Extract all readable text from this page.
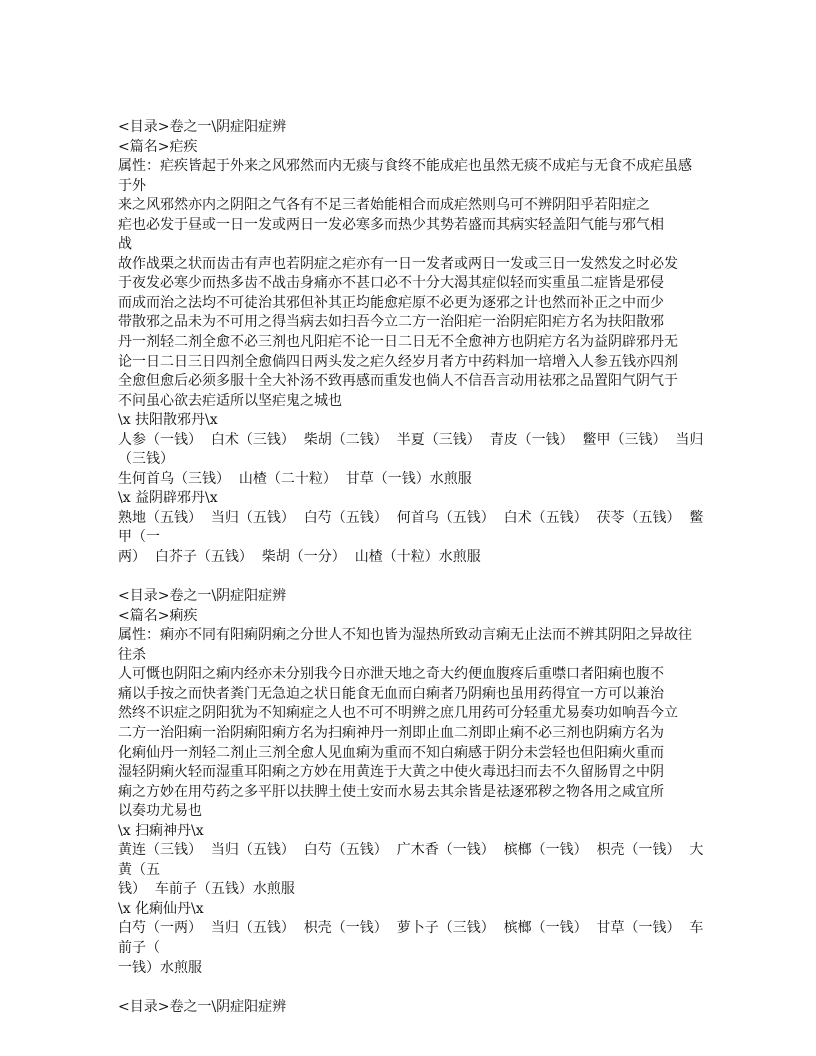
<目录>卷之一\阴症阳症辨
<篇名>疟疾
属性：疟疾皆起于外来之风邪然而内无痰与食终不能成疟也虽然无痰不成疟与无食不成疟虽感
于外
来之风邪然亦内之阴阳之气各有不足三者始能相合而成疟然则乌可不辨阴阳乎若阳症之
疟也必发于昼或一日一发或两日一发必寒多而热少其势若盛而其病实轻盖阳气能与邪气相
战
故作战栗之状而齿击有声也若阴症之疟亦有一日一发者或两日一发或三日一发然发之时必发
于夜发必寒少而热多齿不战击身痛亦不甚口必不十分大渴其症似轻而实重虽二症皆是邪侵
而成而治之法均不可徒治其邪但补其正均能愈疟原不必更为逐邪之计也然而补正之中而少
带散邪之品未为不可用之得当病去如扫吾今立二方一治阳疟一治阴疟阳疟方名为扶阳散邪
丹一剂轻二剂全愈不必三剂也凡阳疟不论一日二日无不全愈神方也阴疟方名为益阴辟邪丹无
论一日二日三日四剂全愈倘四日两头发之疟久经岁月者方中药料加一培增入人参五钱亦四剂
全愈但愈后必须多服十全大补汤不致再感而重发也倘人不信吾言动用祛邪之品置阳气阴气于
不问虽心欲去疟适所以坚疟鬼之城也
\x 扶阳散邪丹\x
人参（一钱）  白术（三钱）  柴胡（二钱）  半夏（三钱）  青皮（一钱）  鳖甲（三钱）  当归
（三钱）
生何首乌（三钱）  山楂（二十粒）  甘草（一钱）水煎服
\x 益阴辟邪丹\x
熟地（五钱）  当归（五钱）  白芍（五钱）  何首乌（五钱）  白术（五钱）  茯苓（五钱）  鳖
甲（一
两）  白芥子（五钱）  柴胡（一分）  山楂（十粒）水煎服
<目录>卷之一\阴症阳症辨
<篇名>痢疾
属性：痢亦不同有阳痢阴痢之分世人不知也皆为湿热所致动言痢无止法而不辨其阴阳之异故往
往杀
人可慨也阴阳之痢内经亦未分别我今日亦泄天地之奇大约便血腹疼后重噤口者阳痢也腹不
痛以手按之而快者粪门无急迫之状日能食无血而白痢者乃阴痢也虽用药得宜一方可以兼治
然终不识症之阴阳犹为不知痢症之人也不可不明辨之庶几用药可分轻重尤易奏功如响吾今立
二方一治阳痢一治阴痢阳痢方名为扫痢神丹一剂即止血二剂即止痢不必三剂也阴痢方名为
化痢仙丹一剂轻二剂止三剂全愈人见血痢为重而不知白痢感于阴分未尝轻也但阳痢火重而
湿轻阴痢火轻而湿重耳阳痢之方妙在用黄连于大黄之中使火毒迅扫而去不久留肠胃之中阴
痢之方妙在用芍药之多平肝以扶脾土使土安而水易去其余皆是祛逐邪秽之物各用之咸宜所
以奏功尤易也
\x 扫痢神丹\x
黄连（三钱）  当归（五钱）  白芍（五钱）  广木香（一钱）  槟榔（一钱）  枳壳（一钱）  大
黄（五
钱）  车前子（五钱）水煎服
\x 化痢仙丹\x
白芍（一两）  当归（五钱）  枳壳（一钱）  萝卜子（三钱）  槟榔（一钱）  甘草（一钱）  车
前子（
一钱）水煎服
<目录>卷之一\阴症阳症辨
